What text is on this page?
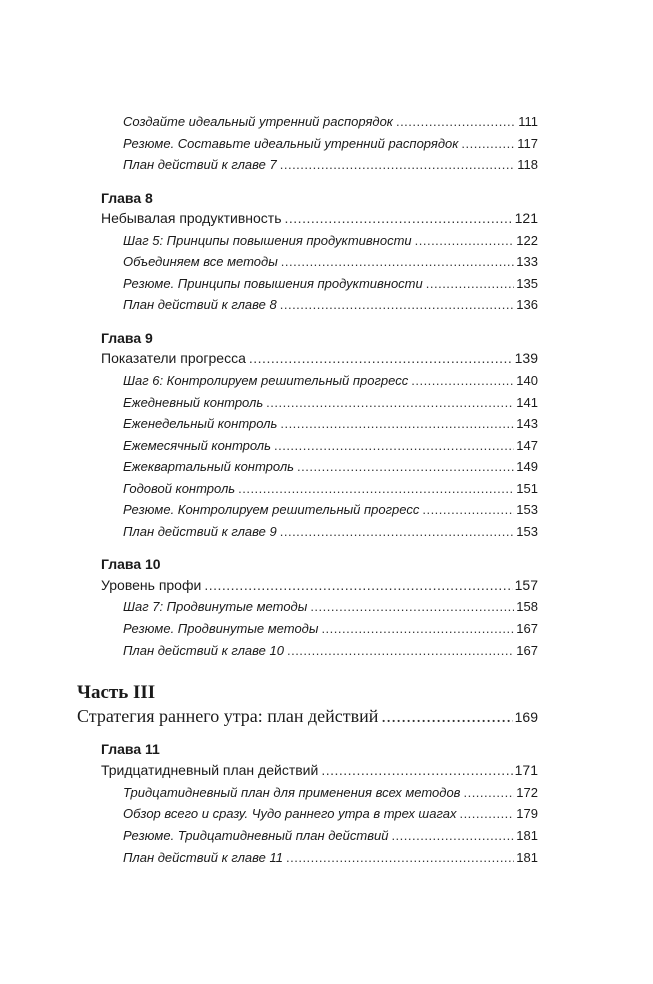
Создайте идеальный утренний распорядок .....	111
Резюме. Составьте идеальный утренний распорядок .....	117
План действий к главе 7 .....	118
Глава 8
Небывалая продуктивность .....	121
Шаг 5: Принципы повышения продуктивности .....	122
Объединяем все методы .....	133
Резюме. Принципы повышения продуктивности .....	135
План действий к главе 8 .....	136
Глава 9
Показатели прогресса .....	139
Шаг 6: Контролируем решительный прогресс .....	140
Ежедневный контроль .....	141
Еженедельный контроль .....	143
Ежемесячный контроль .....	147
Ежеквартальный контроль .....	149
Годовой контроль .....	151
Резюме. Контролируем решительный прогресс .....	153
План действий к главе 9 .....	153
Глава 10
Уровень профи .....	157
Шаг 7: Продвинутые методы .....	158
Резюме. Продвинутые методы .....	167
План действий к главе 10 .....	167
Часть III
Стратегия раннего утра: план действий .....	169
Глава 11
Тридцатидневный план действий .....	171
Тридцатидневный план для применения всех методов .....	172
Обзор всего и сразу. Чудо раннего утра в трех шагах .....	179
Резюме. Тридцатидневный план действий .....	181
План действий к главе 11 .....	181
